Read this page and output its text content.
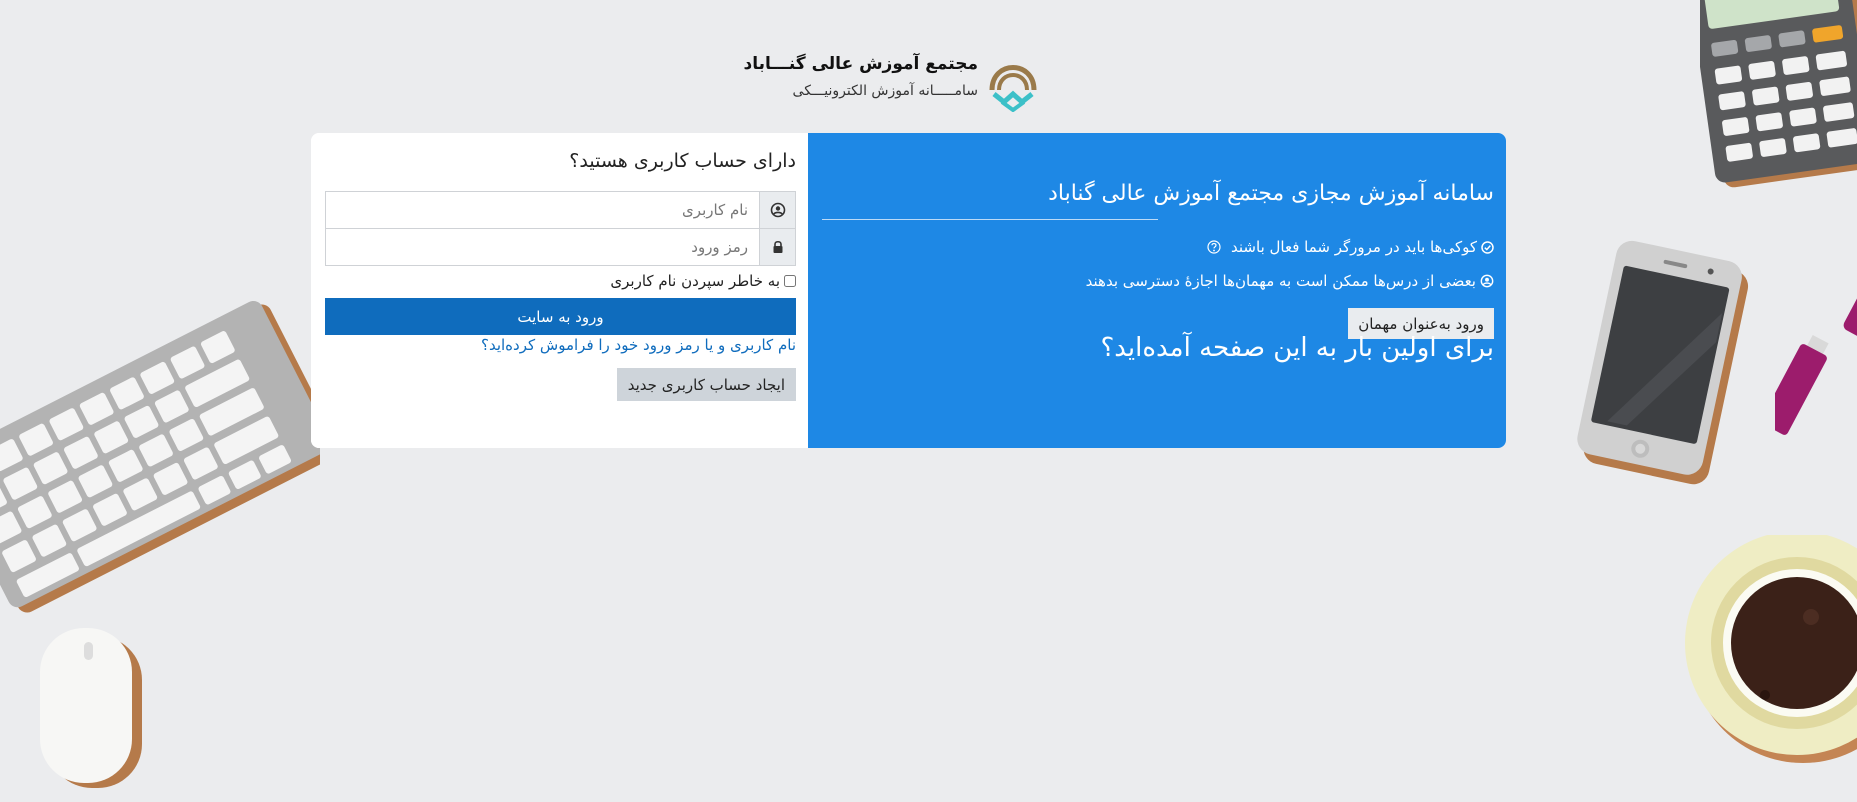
مجتمع آموزش عالی گنـــاباد
سامـــــانه آموزش الکترونیـــکی
دارای حساب کاربری هستید؟
نام کاربری
به خاطر سپردن نام کاربری
ورود به سایت
نام کاربری و یا رمز ورود خود را فراموش کرده‌اید؟
ایجاد حساب کاربری جدید
سامانه آموزش مجازی مجتمع آموزش عالی گناباد
کوکی‌ها باید در مرورگر شما فعال باشند
بعضی از درس‌ها ممکن است به مهمان‌ها اجازهٔ دسترسی بدهند
ورود به‌عنوان مهمان
برای اولین بار به این صفحه آمده‌اید؟
